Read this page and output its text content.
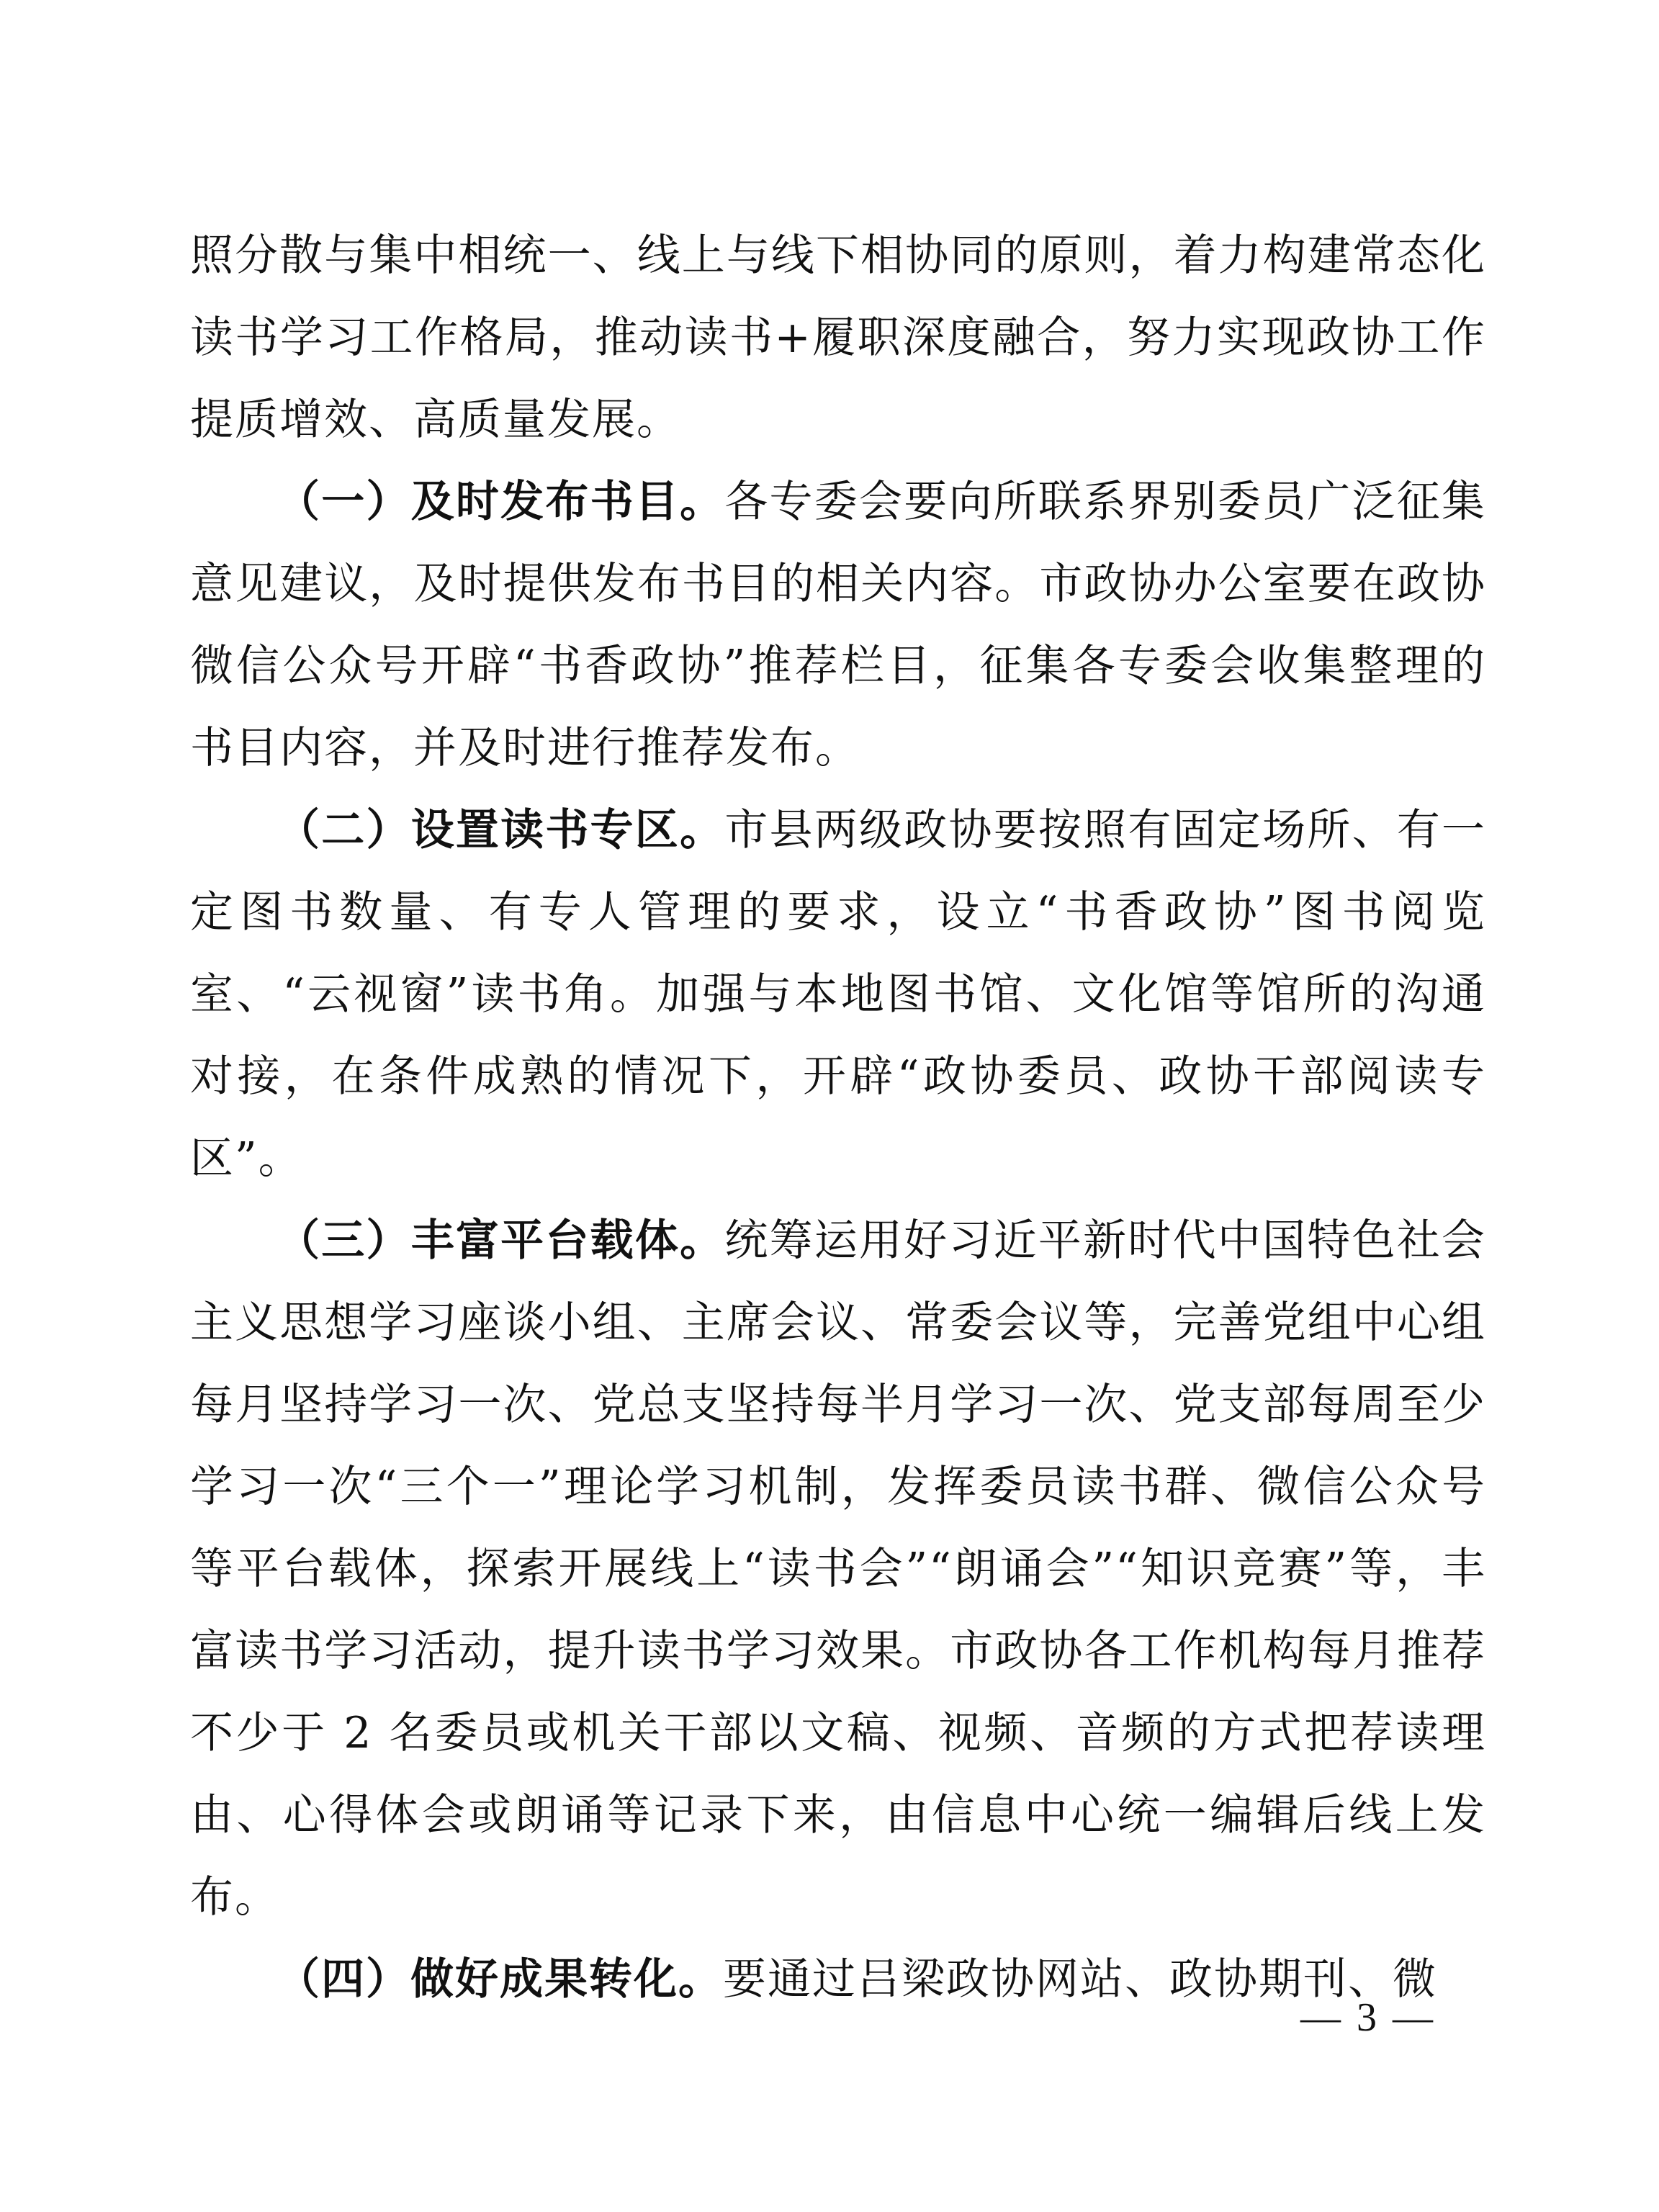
照分散与集中相统一、线上与线下相协同的原则，着力构建常态化读书学习工作格局，推动读书+履职深度融合，努力实现政协工作提质增效、高质量发展。

（一）及时发布书目。各专委会要向所联系界别委员广泛征集意见建议，及时提供发布书目的相关内容。市政协办公室要在政协微信公众号开辟“书香政协”推荐栏目，征集各专委会收集整理的书目内容，并及时进行推荐发布。

（二）设置读书专区。市县两级政协要按照有固定场所、有一定图书数量、有专人管理的要求，设立“书香政协”图书阅览室、“云视窗”读书角。加强与本地图书馆、文化馆等馆所的沟通对接，在条件成熟的情况下，开辟“政协委员、政协干部阅读专区”。

（三）丰富平台载体。统筹运用好习近平新时代中国特色社会主义思想学习座谈小组、主席会议、常委会议等，完善党组中心组每月坚持学习一次、党总支坚持每半月学习一次、党支部每周至少学习一次“三个一”理论学习机制，发挥委员读书群、微信公众号等平台载体，探索开展线上“读书会”“朗诵会”“知识竞赛”等，丰富读书学习活动，提升读书学习效果。市政协各工作机构每月推荐不少于 2 名委员或机关干部以文稿、视频、音频的方式把荐读理由、心得体会或朗诵等记录下来，由信息中心统一编辑后线上发布。

（四）做好成果转化。要通过吕梁政协网站、政协期刊、微

— 3 —
